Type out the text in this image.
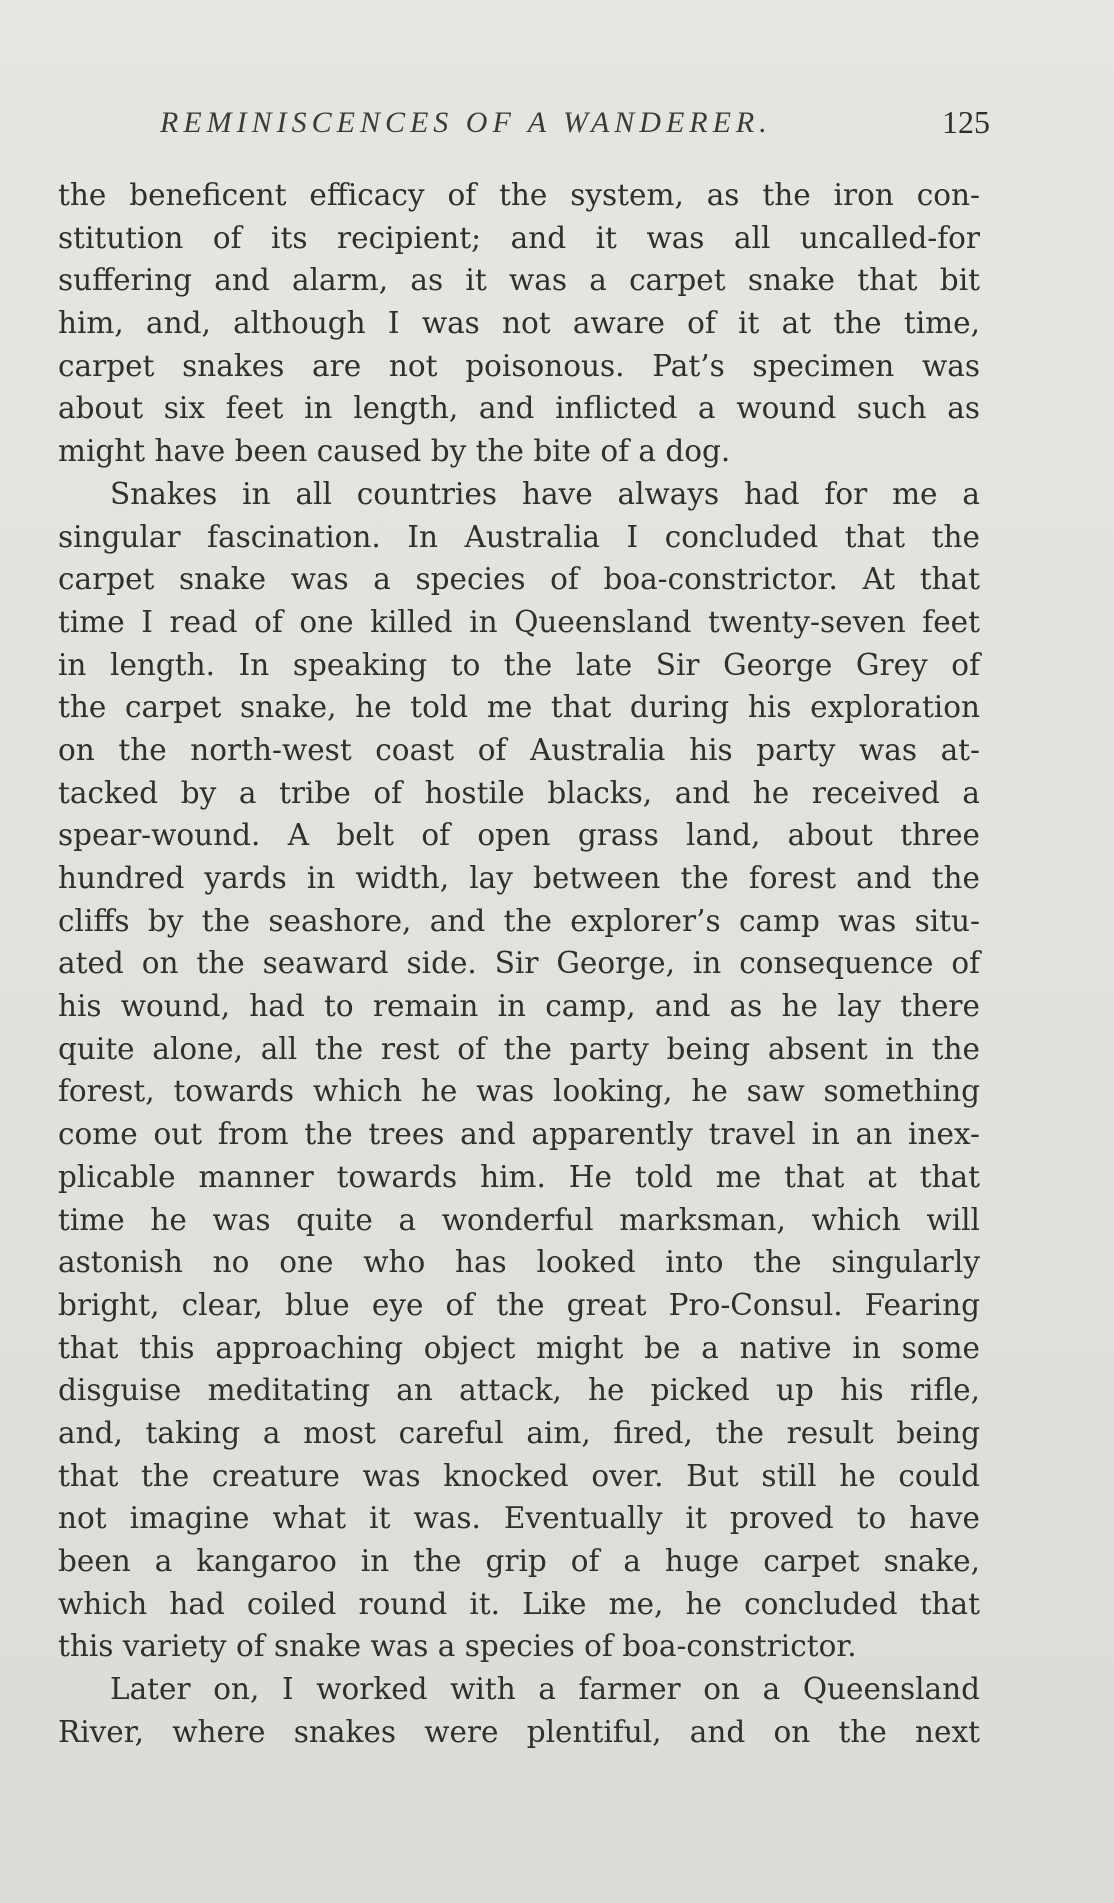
REMINISCENCES OF A WANDERER.	125
the beneficent efficacy of the system, as the iron con-
stitution of its recipient; and it was all uncalled-for
suffering and alarm, as it was a carpet snake that bit
him, and, although I was not aware of it at the time,
carpet snakes are not poisonous. Pat’s specimen was
about six feet in length, and inflicted a wound such as
might have been caused by the bite of a dog.
Snakes in all countries have always had for me a
singular fascination. In Australia I concluded that the
carpet snake was a species of boa-constrictor. At that
time I read of one killed in Queensland twenty-seven feet
in length. In speaking to the late Sir George Grey of
the carpet snake, he told me that during his exploration
on the north-west coast of Australia his party was at-
tacked by a tribe of hostile blacks, and he received a
spear-wound. A belt of open grass land, about three
hundred yards in width, lay between the forest and the
cliffs by the seashore, and the explorer’s camp was situ-
ated on the seaward side. Sir George, in consequence of
his wound, had to remain in camp, and as he lay there
quite alone, all the rest of the party being absent in the
forest, towards which he was looking, he saw something
come out from the trees and apparently travel in an inex-
plicable manner towards him. He told me that at that
time he was quite a wonderful marksman, which will
astonish no one who has looked into the singularly
bright, clear, blue eye of the great Pro-Consul. Fearing
that this approaching object might be a native in some
disguise meditating an attack, he picked up his rifle,
and, taking a most careful aim, fired, the result being
that the creature was knocked over. But still he could
not imagine what it was. Eventually it proved to have
been a kangaroo in the grip of a huge carpet snake,
which had coiled round it. Like me, he concluded that
this variety of snake was a species of boa-constrictor.
Later on, I worked with a farmer on a Queensland
River, where snakes were plentiful, and on the next
